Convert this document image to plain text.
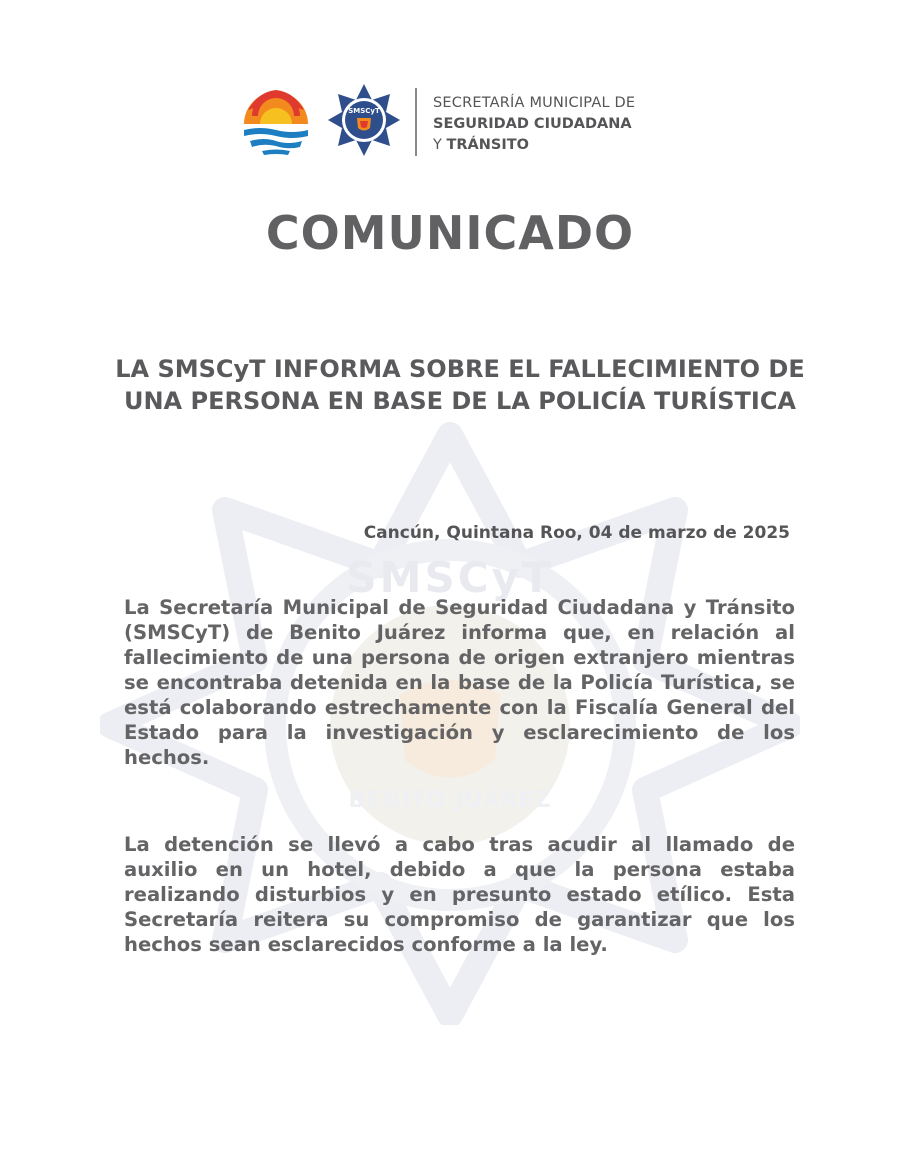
SMSCyT
BENITO JUÁREZ
SMSCyT	SECRETARÍA MUNICIPAL DE
SEGURIDAD CIUDADANA
Y TRÁNSITO
COMUNICADO
LA SMSCyT INFORMA SOBRE EL FALLECIMIENTO DE UNA PERSONA EN BASE DE LA POLICÍA TURÍSTICA
Cancún, Quintana Roo, 04 de marzo de 2025
La Secretaría Municipal de Seguridad Ciudadana y Tránsito (SMSCyT) de Benito Juárez informa que, en relación al fallecimiento de una persona de origen extranjero mientras se encontraba detenida en la base de la Policía Turística, se está colaborando estrechamente con la Fiscalía General del Estado para la investigación y esclarecimiento de los hechos.
La detención se llevó a cabo tras acudir al llamado de auxilio en un hotel, debido a que la persona estaba realizando disturbios y en presunto estado etílico. Esta Secretaría reitera su compromiso de garantizar que los hechos sean esclarecidos conforme a la ley.
